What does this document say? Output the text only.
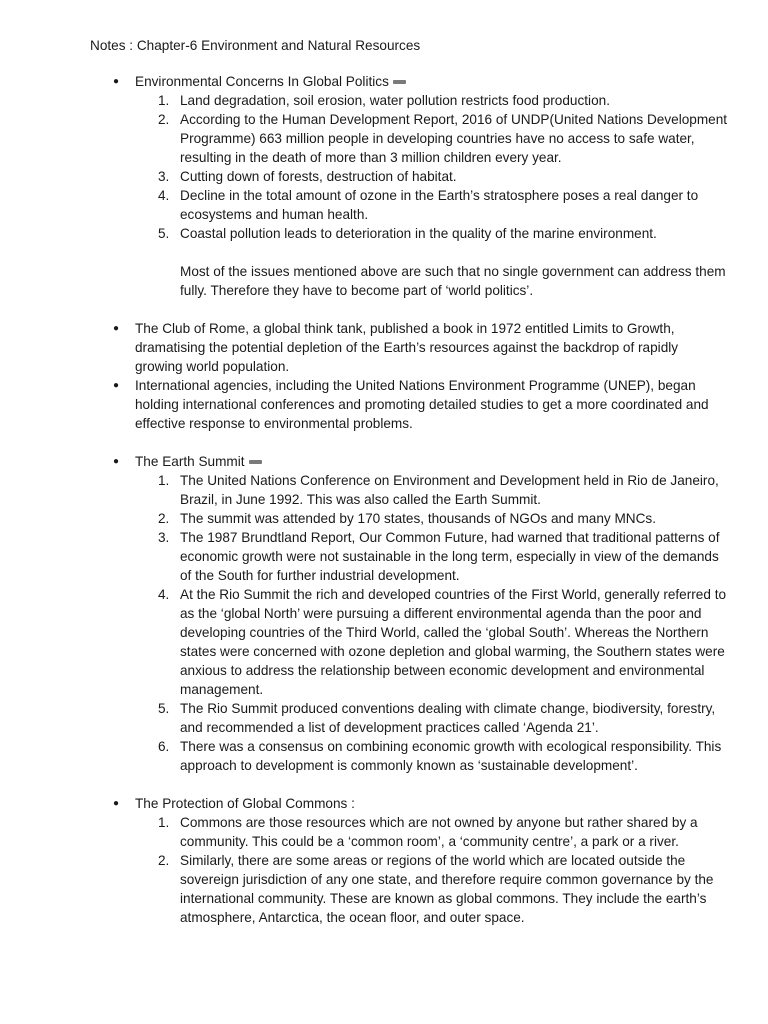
Notes : Chapter-6 Environment and Natural Resources
● Environmental Concerns In Global Politics
1. Land degradation, soil erosion, water pollution restricts food production.
2. According to the Human Development Report, 2016 of UNDP(United Nations Development Programme) 663 million people in developing countries have no access to safe water, resulting in the death of more than 3 million children every year.
3. Cutting down of forests, destruction of habitat.
4. Decline in the total amount of ozone in the Earth’s stratosphere poses a real danger to ecosystems and human health.
5. Coastal pollution leads to deterioration in the quality of the marine environment.
Most of the issues mentioned above are such that no single government can address them fully. Therefore they have to become part of ‘world politics’.
● The Club of Rome, a global think tank, published a book in 1972 entitled Limits to Growth, dramatising the potential depletion of the Earth’s resources against the backdrop of rapidly growing world population.
● International agencies, including the United Nations Environment Programme (UNEP), began holding international conferences and promoting detailed studies to get a more coordinated and effective response to environmental problems.
● The Earth Summit
1. The United Nations Conference on Environment and Development held in Rio de Janeiro, Brazil, in June 1992. This was also called the Earth Summit.
2. The summit was attended by 170 states, thousands of NGOs and many MNCs.
3. The 1987 Brundtland Report, Our Common Future, had warned that traditional patterns of economic growth were not sustainable in the long term, especially in view of the demands of the South for further industrial development.
4. At the Rio Summit the rich and developed countries of the First World, generally referred to as the ‘global North’ were pursuing a different environmental agenda than the poor and developing countries of the Third World, called the ‘global South’. Whereas the Northern states were concerned with ozone depletion and global warming, the Southern states were anxious to address the relationship between economic development and environmental management.
5. The Rio Summit produced conventions dealing with climate change, biodiversity, forestry, and recommended a list of development practices called ‘Agenda 21’.
6. There was a consensus on combining economic growth with ecological responsibility. This approach to development is commonly known as ‘sustainable development’.
● The Protection of Global Commons :
1. Commons are those resources which are not owned by anyone but rather shared by a community. This could be a ‘common room’, a ‘community centre’, a park or a river.
2. Similarly, there are some areas or regions of the world which are located outside the sovereign jurisdiction of any one state, and therefore require common governance by the international community. These are known as global commons. They include the earth’s atmosphere, Antarctica, the ocean floor, and outer space.
